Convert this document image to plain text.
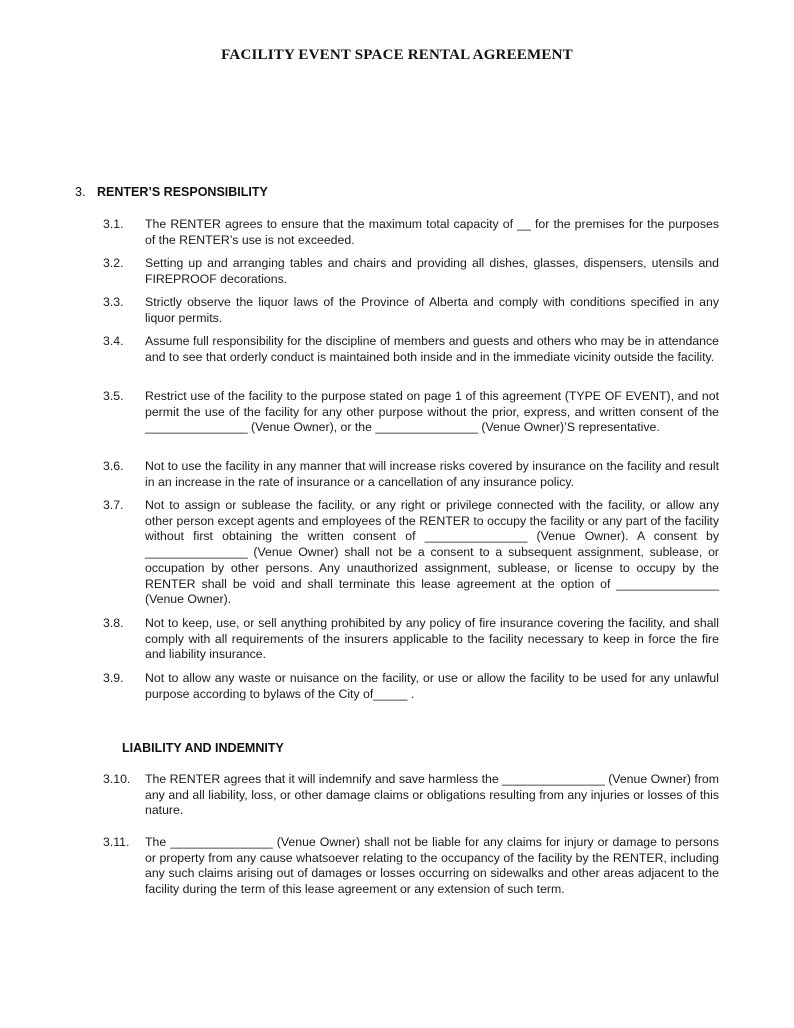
FACILITY EVENT SPACE RENTAL AGREEMENT
3. RENTER’S RESPONSIBILITY
3.1.	The RENTER agrees to ensure that the maximum total capacity of __ for the premises for the purposes of the RENTER’s use is not exceeded.
3.2.	Setting up and arranging tables and chairs and providing all dishes, glasses, dispensers, utensils and FIREPROOF decorations.
3.3.	Strictly observe the liquor laws of the Province of Alberta and comply with conditions specified in any liquor permits.
3.4.	Assume full responsibility for the discipline of members and guests and others who may be in attendance and to see that orderly conduct is maintained both inside and in the immediate vicinity outside the facility.
3.5.	Restrict use of the facility to the purpose stated on page 1 of this agreement (TYPE OF EVENT), and not permit the use of the facility for any other purpose without the prior, express, and written consent of the _______________ (Venue Owner), or the _______________ (Venue Owner)’S representative.
3.6.	Not to use the facility in any manner that will increase risks covered by insurance on the facility and result in an increase in the rate of insurance or a cancellation of any insurance policy.
3.7.	Not to assign or sublease the facility, or any right or privilege connected with the facility, or allow any other person except agents and employees of the RENTER to occupy the facility or any part of the facility without first obtaining the written consent of _______________ (Venue Owner). A consent by _______________ (Venue Owner) shall not be a consent to a subsequent assignment, sublease, or occupation by other persons. Any unauthorized assignment, sublease, or license to occupy by the RENTER shall be void and shall terminate this lease agreement at the option of _______________ (Venue Owner).
3.8.	Not to keep, use, or sell anything prohibited by any policy of fire insurance covering the facility, and shall comply with all requirements of the insurers applicable to the facility necessary to keep in force the fire and liability insurance.
3.9.	Not to allow any waste or nuisance on the facility, or use or allow the facility to be used for any unlawful purpose according to bylaws of the City of_____ .
LIABILITY AND INDEMNITY
3.10.	The RENTER agrees that it will indemnify and save harmless the _______________ (Venue Owner) from any and all liability, loss, or other damage claims or obligations resulting from any injuries or losses of this nature.
3.11.	The _______________ (Venue Owner) shall not be liable for any claims for injury or damage to persons or property from any cause whatsoever relating to the occupancy of the facility by the RENTER, including any such claims arising out of damages or losses occurring on sidewalks and other areas adjacent to the facility during the term of this lease agreement or any extension of such term.
